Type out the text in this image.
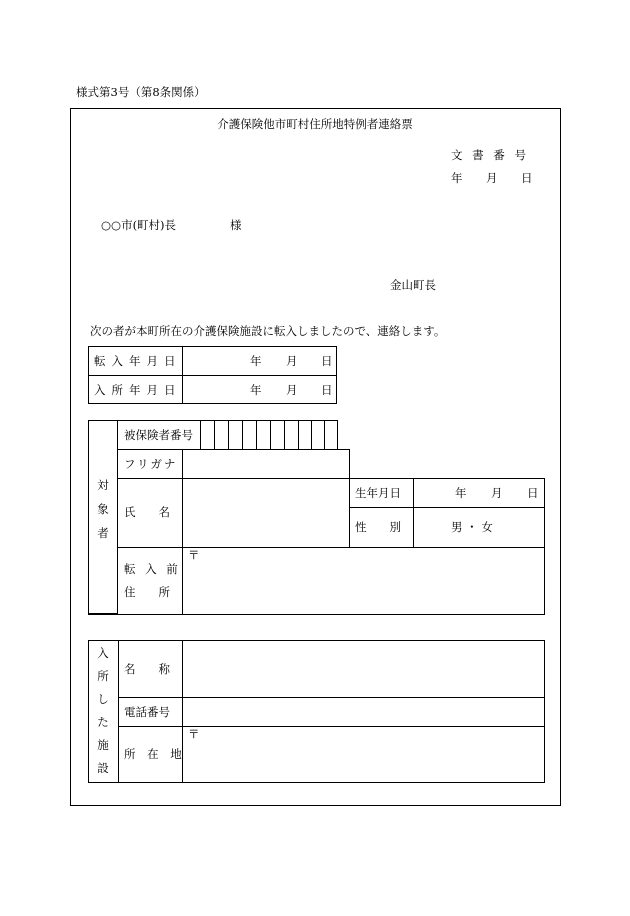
様式第3号（第8条関係）
介護保険他市町村住所地特例者連絡票
文 書 番 号
年 月 日
○○市(町村)長	様
金山町長
次の者が本町所在の介護保険施設に転入しましたので、連絡します。
転入年月日	年 月 日
入所年月日	年 月 日
対
象
者
被保険者番号
フリガナ
氏　　名
生年月日	年 月 日
性　　別	男 ・ 女
転 入 前
住　　所
〒
入
所
し
た
施
設
名　　称
電話番号
所 在 地
〒
